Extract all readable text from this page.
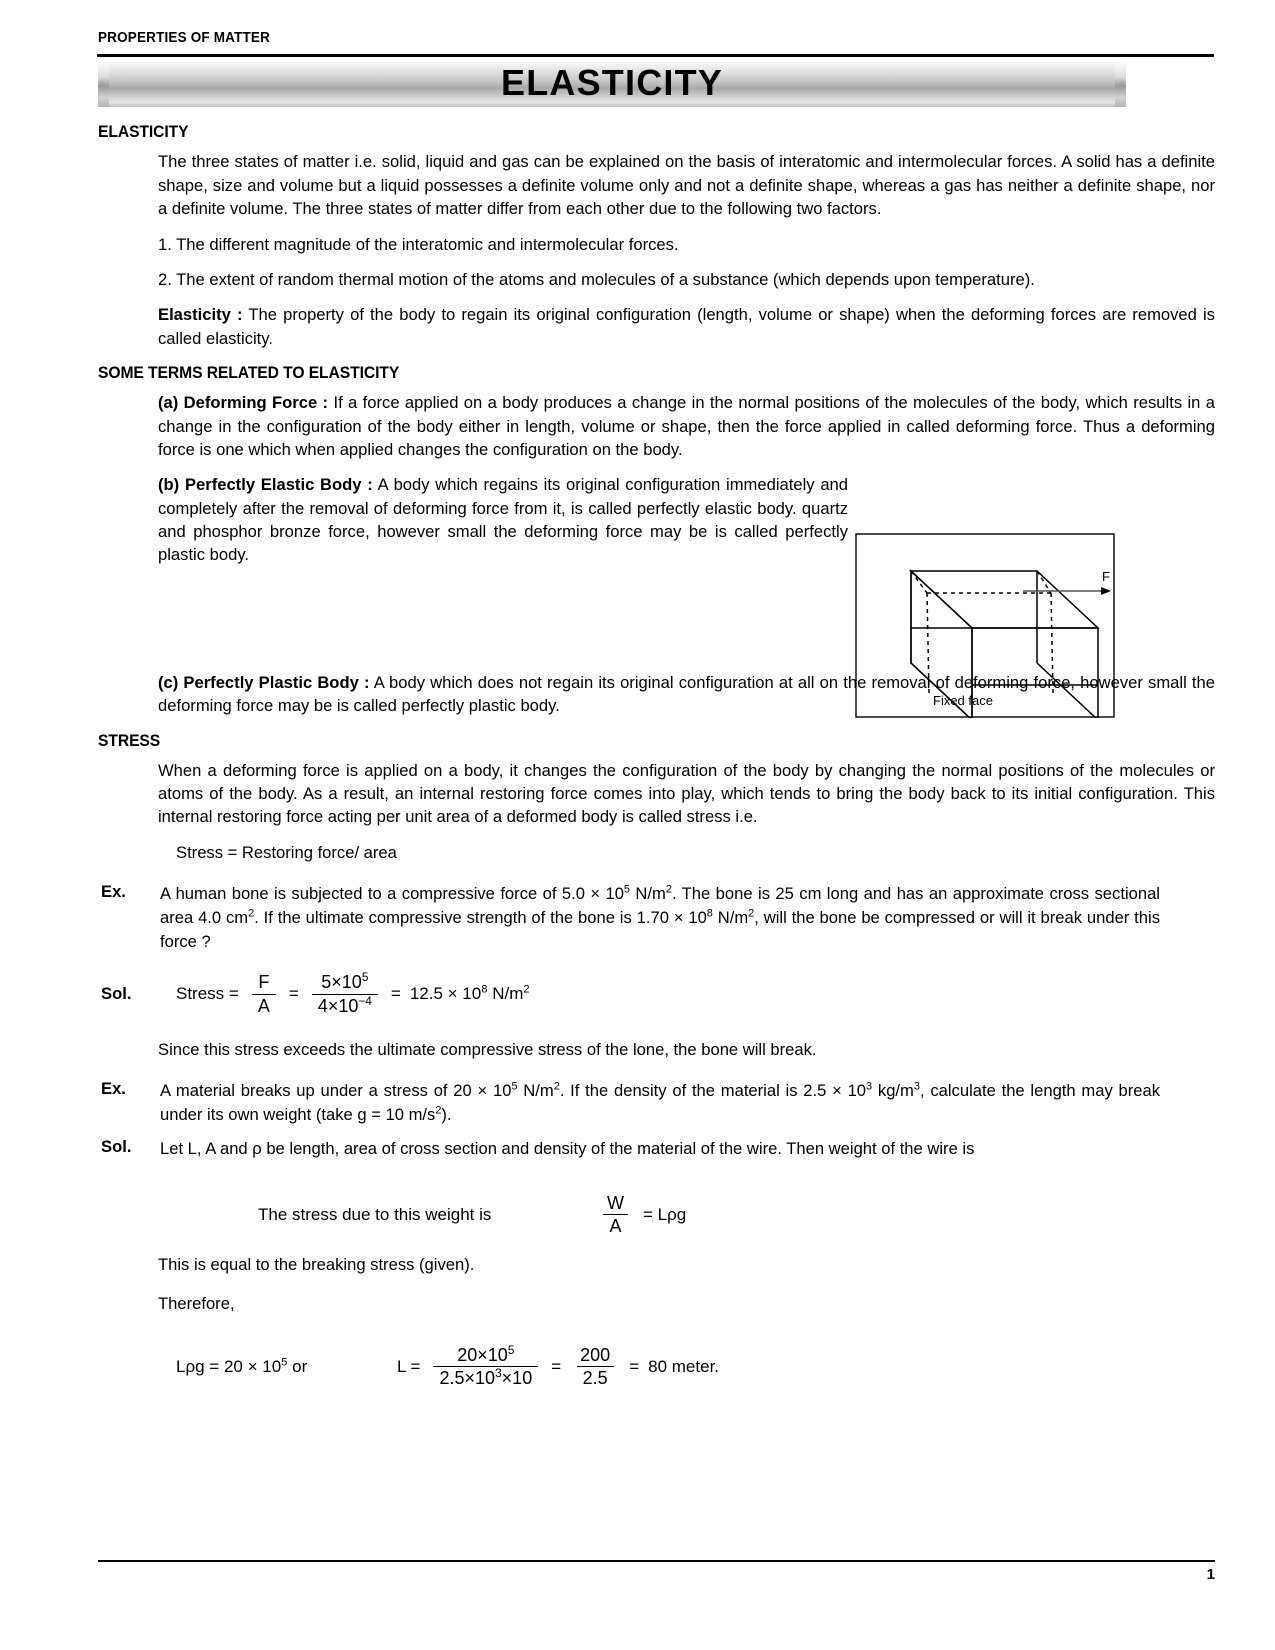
PROPERTIES OF MATTER
ELASTICITY
ELASTICITY

The three states of matter i.e. solid, liquid and gas can be explained on the basis of interatomic and intermolecular forces. A solid has a definite shape, size and volume but a liquid possesses a definite volume only and not a definite shape, whereas a gas has neither a definite shape, nor a definite volume. The three states of matter differ from each other due to the following two factors.

1. The different magnitude of the interatomic and intermolecular forces.

2. The extent of random thermal motion of the atoms and molecules of a substance (which depends upon temperature).

Elasticity : The property of the body to regain its original configuration (length, volume or shape) when the deforming forces are removed is called elasticity.

SOME TERMS RELATED TO ELASTICITY

(a) Deforming Force : If a force applied on a body produces a change in the normal positions of the molecules of the body, which results in a change in the configuration of the body either in length, volume or shape, then the force applied in called deforming force. Thus a deforming force is one which when applied changes the configuration on the body.

(b) Perfectly Elastic Body : A body which regains its original configuration immediately and completely after the removal of deforming force from it, is called perfectly elastic body. quartz and phosphor bronze force, however small the deforming force may be is called perfectly plastic body.

(c) Perfectly Plastic Body : A body which does not regain its original configuration at all on the removal of deforming force, however small the deforming force may be is called perfectly plastic body.

STRESS

When a deforming force is applied on a body, it changes the configuration of the body by changing the normal positions of the molecules or atoms of the body. As a result, an internal restoring force comes into play, which tends to bring the body back to its initial configuration. This internal restoring force acting per unit area of a deformed body is called stress i.e.

Stress = Restoring force/ area

Ex.	A human bone is subjected to a compressive force of $5.0 \times 10^5$ $N/m^2$. The bone is 25 cm long and has an approximate cross sectional area 4.0 $cm^2$. If the ultimate compressive strength of the bone is $1.70 \times 10^8$ $N/m^2$, will the bone be compressed or will it break under this force ?
Sol.	Stress = $\frac{F}{A} = \frac{5\times 10^5}{4\times 10^{-4}} = 12.5 \times 10^8$ $N/m^2$

Since this stress exceeds the ultimate compressive stress of the lone, the bone will break.

Ex.	A material breaks up under a stress of $20 \times 10^5$ $N/m^2$. If the density of the material is $2.5 \times 10^3$ $kg/m^3$, calculate the length may break under its own weight (take g = 10 $m/s^2$).
Sol.	Let L, A and ρ be length, area of cross section and density of the material of the wire. Then weight of the wire is
The stress due to this weight is	$\frac{W}{A} = L\rho g$

This is equal to the breaking stress (given).

Therefore,

$L\rho g = 20 \times 10^5$ or	$L = \frac{20\times 10^5}{2.5\times 10^3\times 10} = \frac{200}{2.5} = 80$ meter.
F
Fixed face
1
